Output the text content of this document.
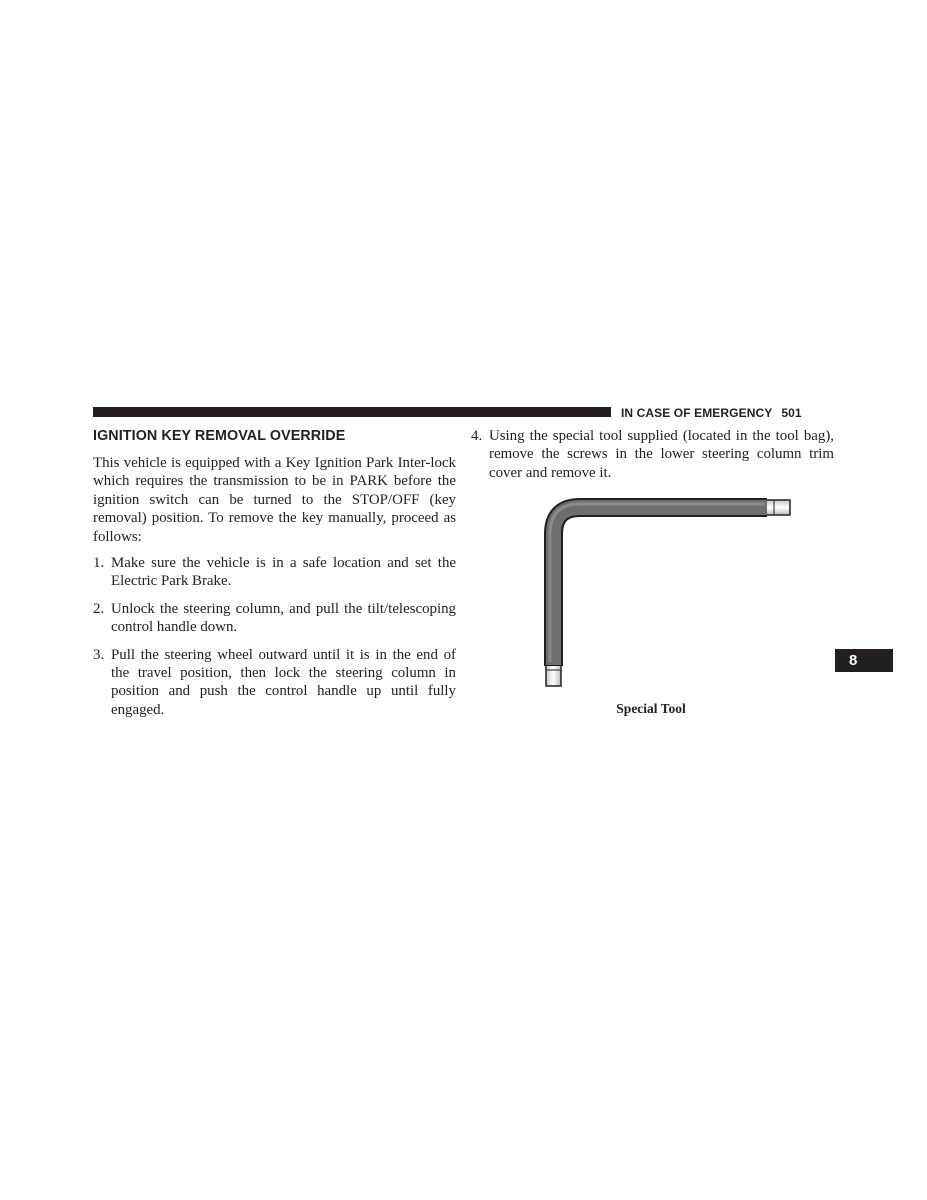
IN CASE OF EMERGENCY 501
IGNITION KEY REMOVAL OVERRIDE

This vehicle is equipped with a Key Ignition Park Inter-lock which requires the transmission to be in PARK before the ignition switch can be turned to the STOP/OFF (key removal) position. To remove the key manually, proceed as follows:

1. Make sure the vehicle is in a safe location and set the Electric Park Brake.
2. Unlock the steering column, and pull the tilt/telescoping control handle down.
3. Pull the steering wheel outward until it is in the end of the travel position, then lock the steering column in position and push the control handle up until fully engaged.
4. Using the special tool supplied (located in the tool bag), remove the screws in the lower steering column trim cover and remove it.
Special Tool
8
